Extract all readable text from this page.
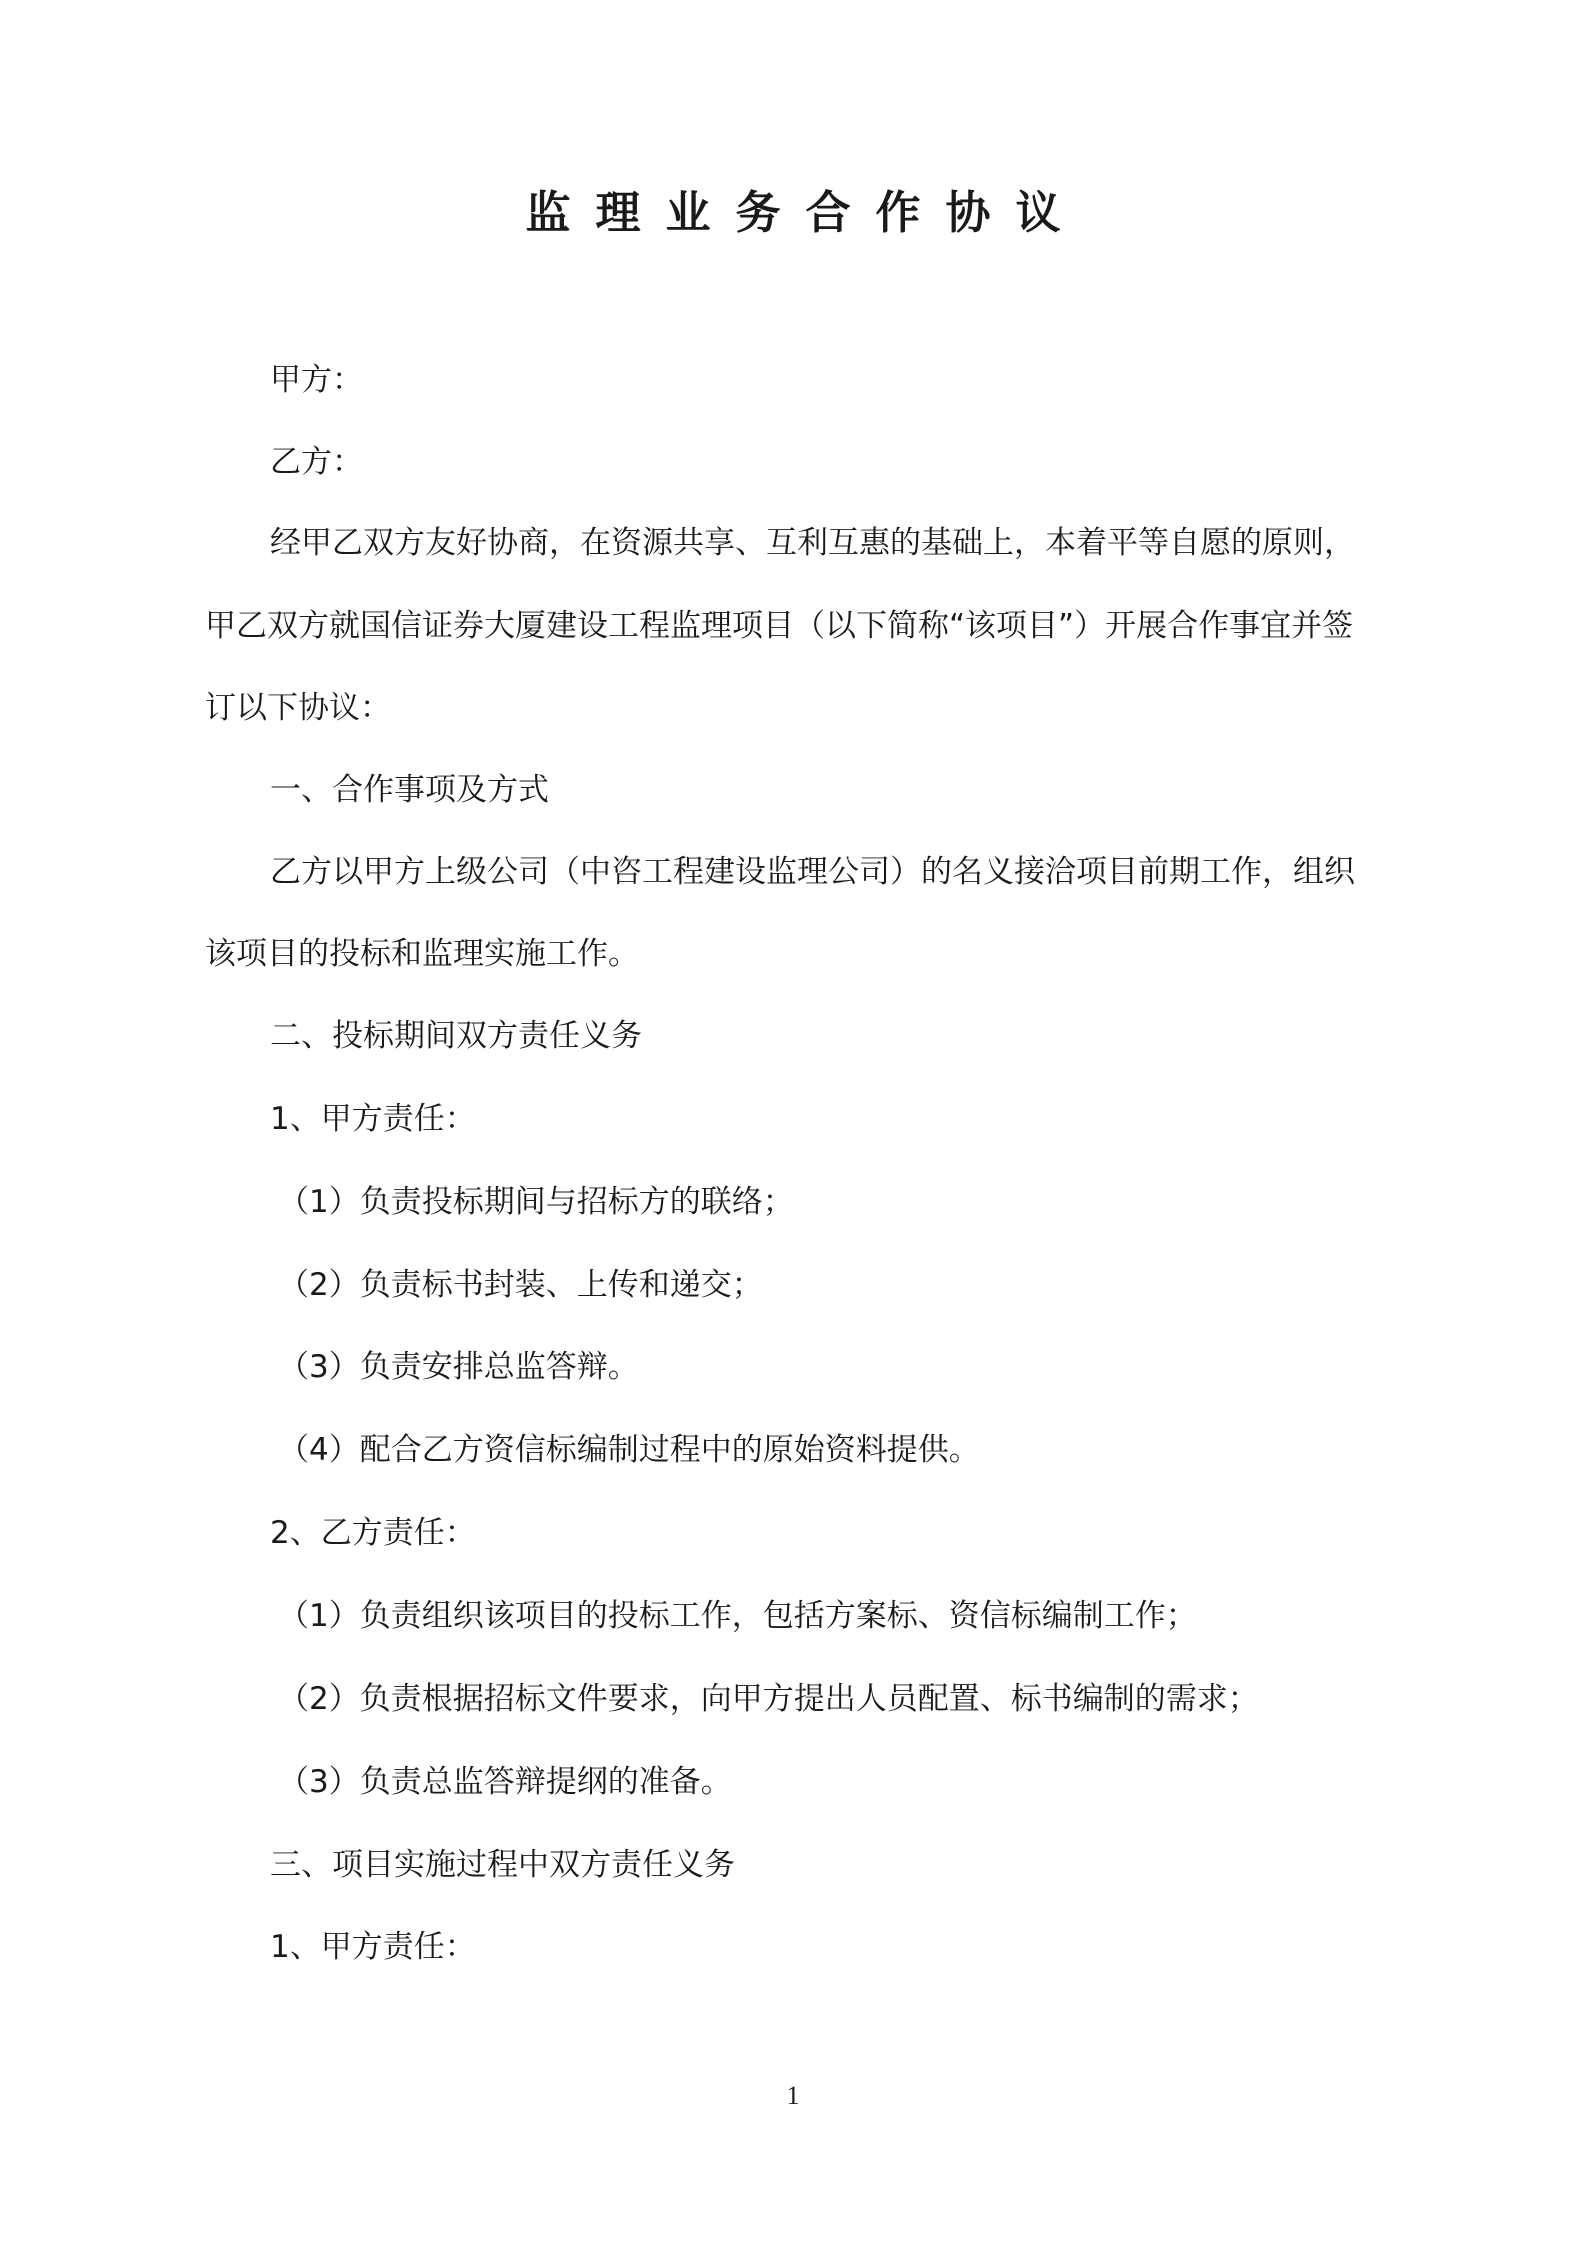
监理业务合作协议
甲方：
乙方：
经甲乙双方友好协商，在资源共享、互利互惠的基础上，本着平等自愿的原则，
甲乙双方就国信证券大厦建设工程监理项目（以下简称“该项目”）开展合作事宜并签
订以下协议：
一、合作事项及方式
乙方以甲方上级公司（中咨工程建设监理公司）的名义接洽项目前期工作，组织
该项目的投标和监理实施工作。
二、投标期间双方责任义务
1、甲方责任：
（1）负责投标期间与招标方的联络；
（2）负责标书封装、上传和递交；
（3）负责安排总监答辩。
（4）配合乙方资信标编制过程中的原始资料提供。
2、乙方责任：
（1）负责组织该项目的投标工作，包括方案标、资信标编制工作；
（2）负责根据招标文件要求，向甲方提出人员配置、标书编制的需求；
（3）负责总监答辩提纲的准备。
三、项目实施过程中双方责任义务
1、甲方责任：
1
